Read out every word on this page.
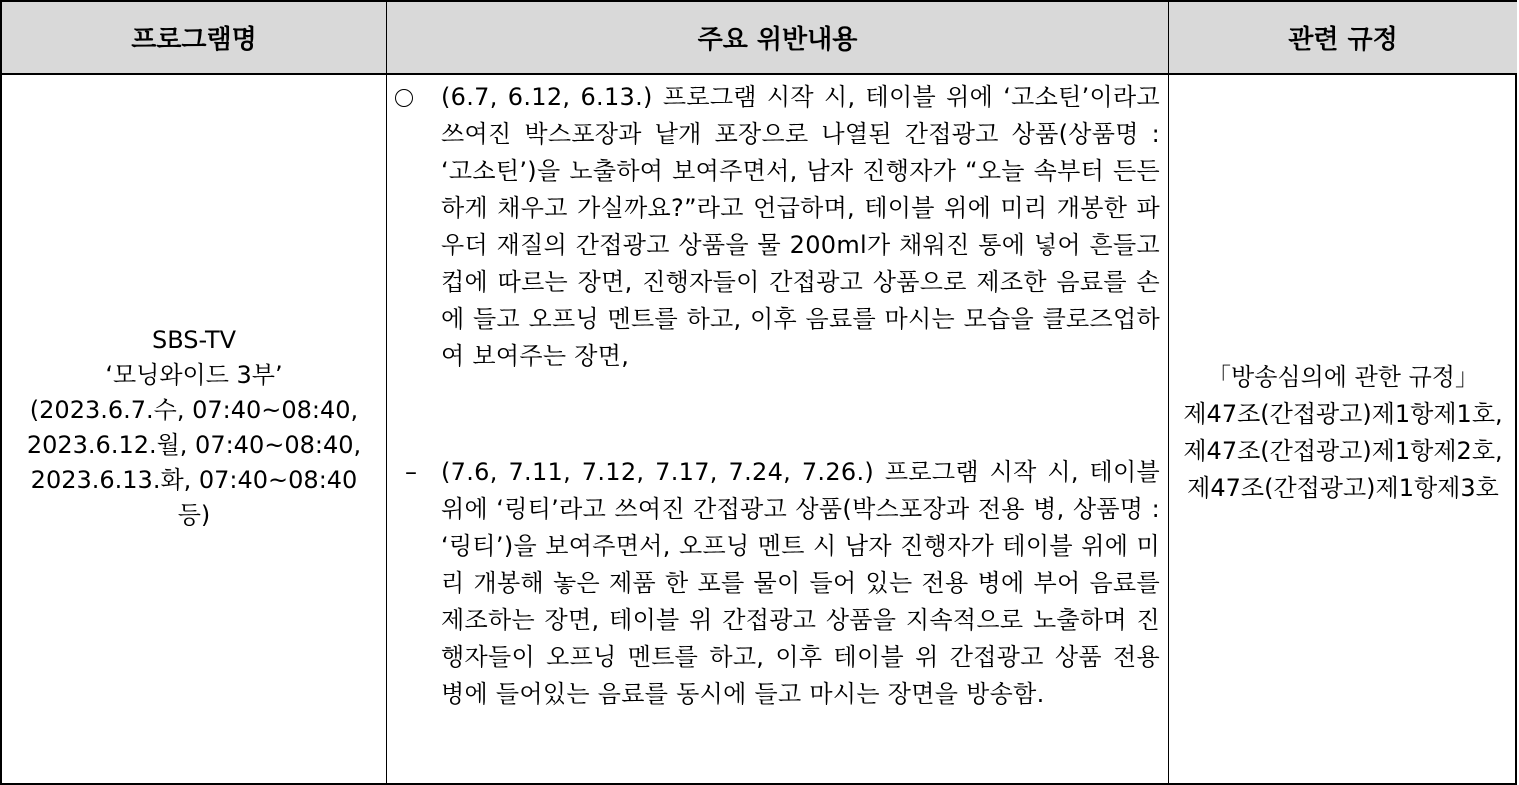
프로그램명	주요 위반내용	관련 규정
SBS-TV
‘모닝와이드 3부’
(2023.6.7.수, 07:40~08:40,
2023.6.12.월, 07:40~08:40,
2023.6.13.화, 07:40~08:40
등)
(6.7, 6.12, 6.13.) 프로그램 시작 시, 테이블 위에 ‘고소틴’이라고 쓰여진 박스포장과 낱개 포장으로 나열된 간접광고 상품(상품명 : ‘고소틴’)을 노출하여 보여주면서, 남자 진행자가 “오늘 속부터 든든하게 채우고 가실까요?”라고 언급하며, 테이블 위에 미리 개봉한 파우더 재질의 간접광고 상품을 물 200ml가 채워진 통에 넣어 흔들고 컵에 따르는 장면, 진행자들이 간접광고 상품으로 제조한 음료를 손에 들고 오프닝 멘트를 하고, 이후 음료를 마시는 모습을 클로즈업하여 보여주는 장면,
– (7.6, 7.11, 7.12, 7.17, 7.24, 7.26.) 프로그램 시작 시, 테이블 위에 ‘링티’라고 쓰여진 간접광고 상품(박스포장과 전용 병, 상품명 : ‘링티’)을 보여주면서, 오프닝 멘트 시 남자 진행자가 테이블 위에 미리 개봉해 놓은 제품 한 포를 물이 들어 있는 전용 병에 부어 음료를 제조하는 장면, 테이블 위 간접광고 상품을 지속적으로 노출하며 진행자들이 오프닝 멘트를 하고, 이후 테이블 위 간접광고 상품 전용 병에 들어있는 음료를 동시에 들고 마시는 장면을 방송함.
「방송심의에 관한 규정」
제47조(간접광고)제1항제1호,
제47조(간접광고)제1항제2호,
제47조(간접광고)제1항제3호
